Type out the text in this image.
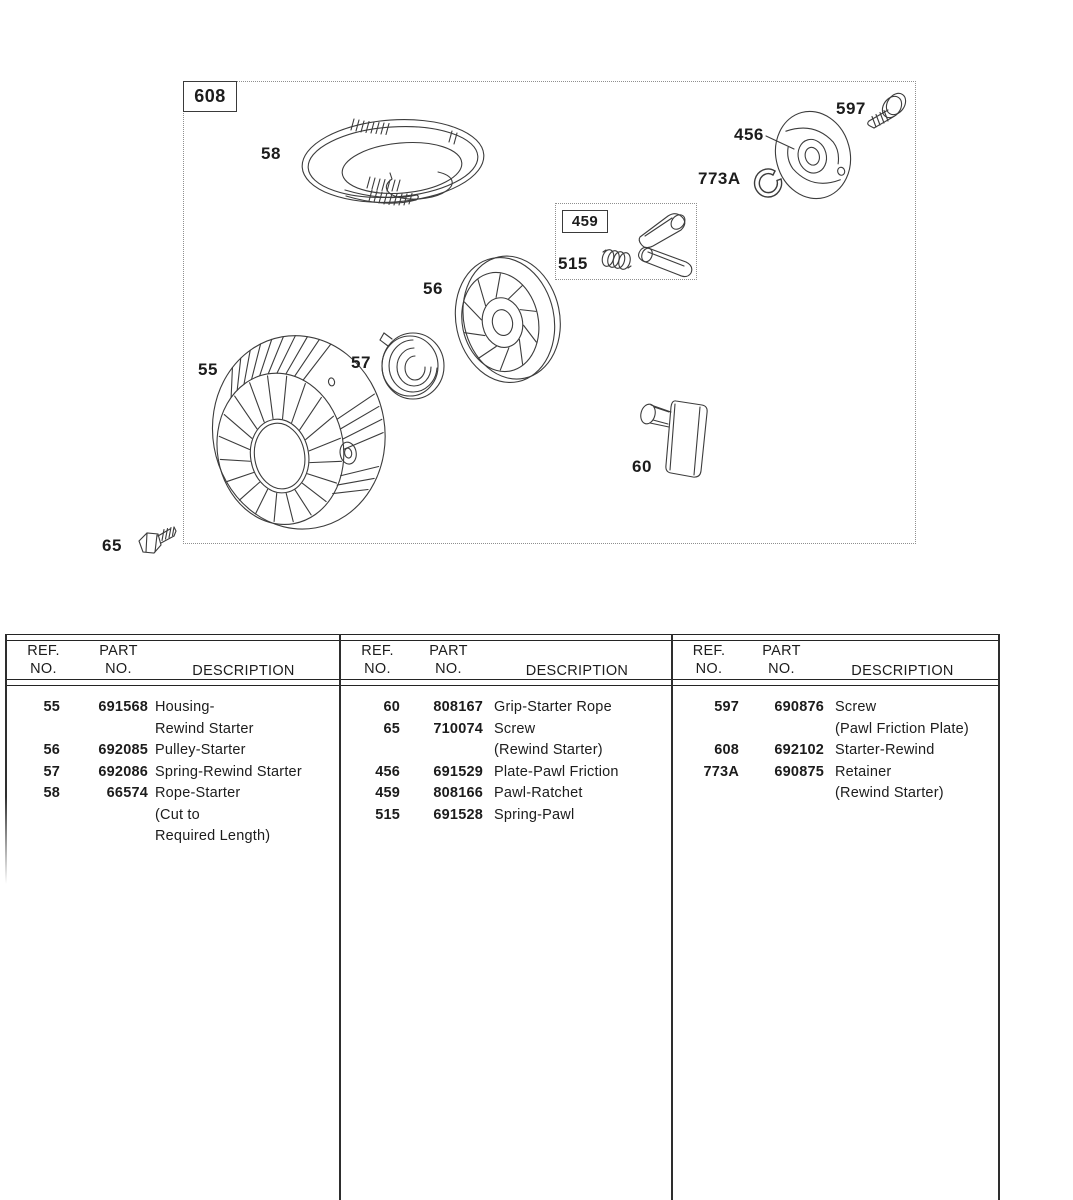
608
459
58
597
456
773A
515
56
57
55
60
65
REF.
NO.
PART
NO.	DESCRIPTION
55	691568 Housing-
Rewind Starter
56	692085 Pulley-Starter
57	692086 Spring-Rewind Starter
58	66574 Rope-Starter
(Cut to
Required Length)
REF.
NO.
PART
NO.	DESCRIPTION
60	808167 Grip-Starter Rope
65	710074 Screw
(Rewind Starter)
456	691529 Plate-Pawl Friction
459	808166 Pawl-Ratchet
515	691528 Spring-Pawl
REF.
NO.
PART
NO.	DESCRIPTION
597	690876 Screw
(Pawl Friction Plate)
608	692102 Starter-Rewind
773A	690875 Retainer
(Rewind Starter)
